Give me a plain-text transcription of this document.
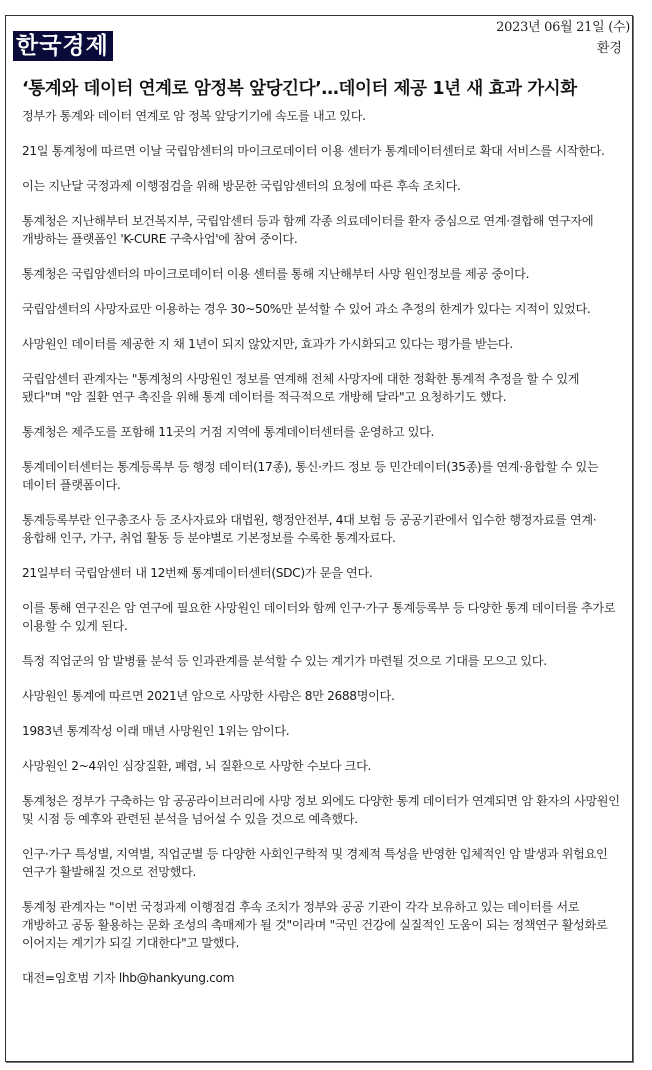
한국경제
2023년 06월 21일 (수)
환경
‘통계와 데이터 연계로 암정복 앞당긴다’…데이터 제공 1년 새 효과 가시화

정부가 통계와 데이터 연계로 암 정복 앞당기기에 속도를 내고 있다.

21일 통계청에 따르면 이날 국립암센터의 마이크로데이터 이용 센터가 통계데이터센터로 확대 서비스를 시작한다.

이는 지난달 국정과제 이행점검을 위해 방문한 국립암센터의 요청에 따른 후속 조치다.

통계청은 지난해부터 보건복지부, 국립암센터 등과 함께 각종 의료데이터를 환자 중심으로 연계·결합해 연구자에 개방하는 플랫폼인 'K-CURE 구축사업'에 참여 중이다.

통계청은 국립암센터의 마이크로데이터 이용 센터를 통해 지난해부터 사망 원인정보를 제공 중이다.

국립암센터의 사망자료만 이용하는 경우 30~50%만 분석할 수 있어 과소 추정의 한계가 있다는 지적이 있었다.

사망원인 데이터를 제공한 지 채 1년이 되지 않았지만, 효과가 가시화되고 있다는 평가를 받는다.

국립암센터 관계자는 "통계청의 사망원인 정보를 연계해 전체 사망자에 대한 정확한 통계적 추정을 할 수 있게 됐다"며 "암 질환 연구 촉진을 위해 통계 데이터를 적극적으로 개방해 달라"고 요청하기도 했다.

통계청은 제주도를 포함해 11곳의 거점 지역에 통계데이터센터를 운영하고 있다.

통계데이터센터는 통계등록부 등 행정 데이터(17종), 통신·카드 정보 등 민간데이터(35종)를 연계·융합할 수 있는 데이터 플랫폼이다.

통계등록부란 인구총조사 등 조사자료와 대법원, 행정안전부, 4대 보험 등 공공기관에서 입수한 행정자료를 연계·융합해 인구, 가구, 취업 활동 등 분야별로 기본정보를 수록한 통계자료다.

21일부터 국립암센터 내 12번째 통계데이터센터(SDC)가 문을 연다.

이를 통해 연구진은 암 연구에 필요한 사망원인 데이터와 함께 인구·가구 통계등록부 등 다양한 통계 데이터를 추가로 이용할 수 있게 된다.

특정 직업군의 암 발병률 분석 등 인과관계를 분석할 수 있는 계기가 마련될 것으로 기대를 모으고 있다.

사망원인 통계에 따르면 2021년 암으로 사망한 사람은 8만 2688명이다.

1983년 통계작성 이래 매년 사망원인 1위는 암이다.

사망원인 2~4위인 심장질환, 폐렴, 뇌 질환으로 사망한 수보다 크다.

통계청은 정부가 구축하는 암 공공라이브러리에 사망 정보 외에도 다양한 통계 데이터가 연계되면 암 환자의 사망원인 및 시점 등 예후와 관련된 분석을 넘어설 수 있을 것으로 예측했다.

인구·가구 특성별, 지역별, 직업군별 등 다양한 사회인구학적 및 경제적 특성을 반영한 입체적인 암 발생과 위험요인 연구가 활발해질 것으로 전망했다.

통계청 관계자는 "이번 국정과제 이행점검 후속 조치가 정부와 공공 기관이 각각 보유하고 있는 데이터를 서로 개방하고 공동 활용하는 문화 조성의 촉매제가 될 것"이라며 "국민 건강에 실질적인 도움이 되는 정책연구 활성화로 이어지는 계기가 되길 기대한다"고 말했다.

대전=임호범 기자 lhb@hankyung.com
